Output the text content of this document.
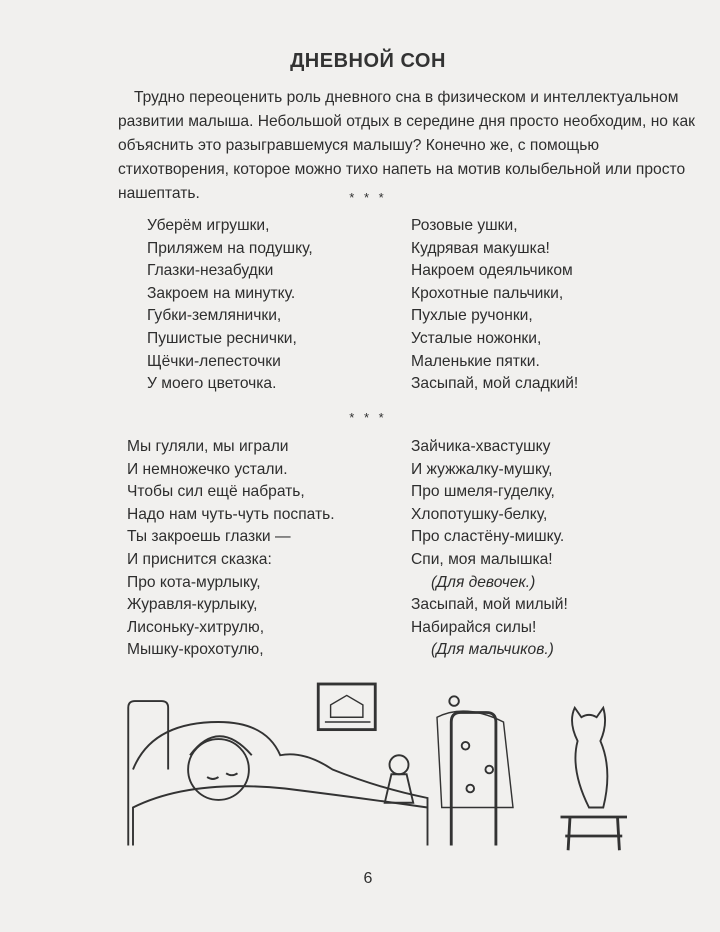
ДНЕВНОЙ СОН

Трудно переоценить роль дневного сна в физическом и интеллектуальном развитии малыша. Небольшой отдых в середине дня просто необходим, но как объяснить это разыгравшемуся малышу? Конечно же, с помощью стихотворения, которое можно тихо напеть на мотив колыбельной или просто нашептать.	* * *
Уберём игрушки,
Приляжем на подушку,
Глазки-незабудки
Закроем на минутку.
Губки-землянички,
Пушистые реснички,
Щёчки-лепесточки
У моего цветочка.
Розовые ушки,
Кудрявая макушка!
Накроем одеяльчиком
Крохотные пальчики,
Пухлые ручонки,
Усталые ножонки,
Маленькие пятки.
Засыпай, мой сладкий!
* * *
Мы гуляли, мы играли
И немножечко устали.
Чтобы сил ещё набрать,
Надо нам чуть-чуть поспать.
Ты закроешь глазки —
И приснится сказка:
Про кота-мурлыку,
Журавля-курлыку,
Лисоньку-хитрулю,
Мышку-крохотулю,
Зайчика-хвастушку
И жужжалку-мушку,
Про шмеля-гуделку,
Хлопотушку-белку,
Про сластёну-мишку.
Спи, моя малышка!
(Для девочек.)
Засыпай, мой милый!
Набирайся силы!
(Для мальчиков.)
6
